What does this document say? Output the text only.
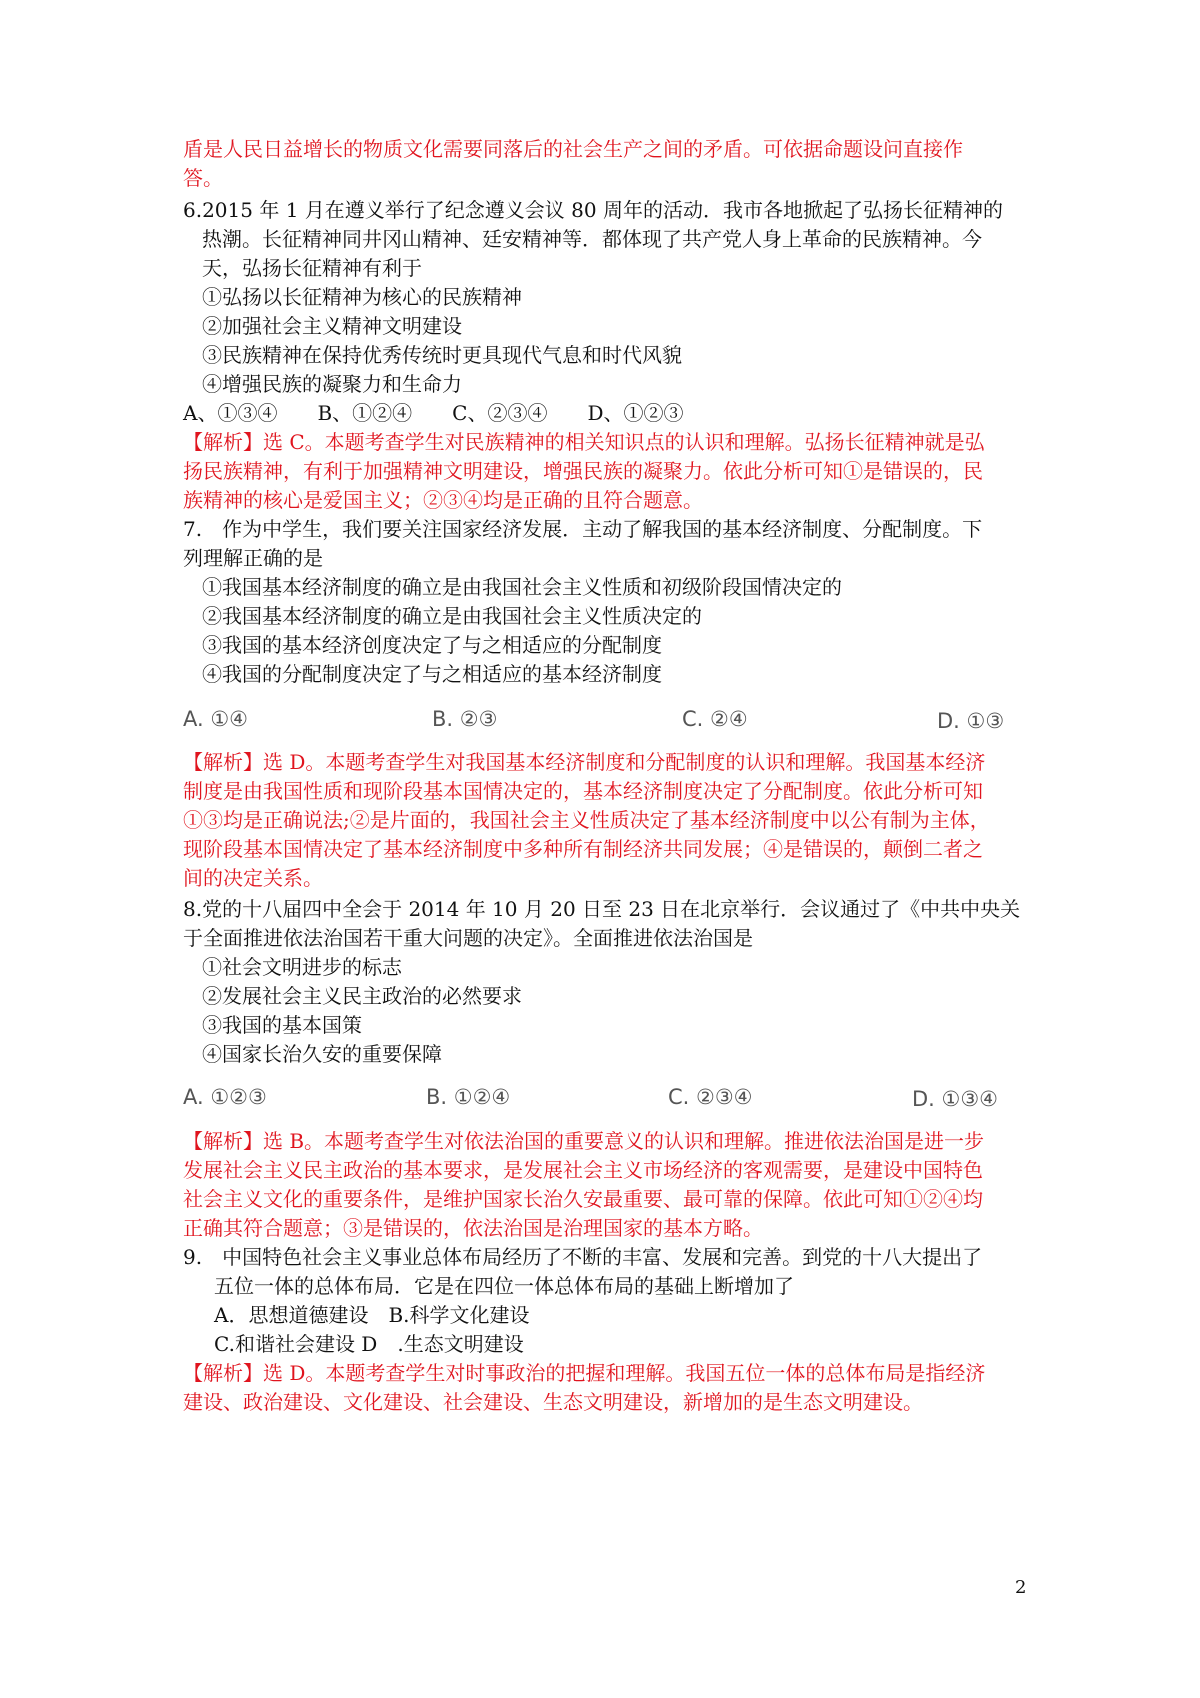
盾是人民日益增长的物质文化需要同落后的社会生产之间的矛盾。可依据命题设问直接作
答。
6.2015 年 1 月在遵义举行了纪念遵义会议 80 周年的活动．我市各地掀起了弘扬长征精神的
热潮。长征精神同井冈山精神、廷安精神等．都体现了共产党人身上革命的民族精神。今
天，弘扬长征精神有利于
①弘扬以长征精神为核心的民族精神
②加强社会主义精神文明建设
③民族精神在保持优秀传统时更具现代气息和时代风貌
④增强民族的凝聚力和生命力
A、①③④　　B、①②④　　C、②③④　　D、①②③
【解析】选 C。本题考查学生对民族精神的相关知识点的认识和理解。弘扬长征精神就是弘
扬民族精神，有利于加强精神文明建设，增强民族的凝聚力。依此分析可知①是错误的，民
族精神的核心是爱国主义；②③④均是正确的且符合题意。
7.　作为中学生，我们要关注国家经济发展．主动了解我国的基本经济制度、分配制度。下
列理解正确的是
①我国基本经济制度的确立是由我国社会主义性质和初级阶段国情决定的
②我国基本经济制度的确立是由我国社会主义性质决定的
③我国的基本经济创度决定了与之相适应的分配制度
④我国的分配制度决定了与之相适应的基本经济制度
A. ①④	B. ②③	C. ②④	D. ①③
【解析】选 D。本题考查学生对我国基本经济制度和分配制度的认识和理解。我国基本经济
制度是由我国性质和现阶段基本国情决定的，基本经济制度决定了分配制度。依此分析可知
①③均是正确说法;②是片面的，我国社会主义性质决定了基本经济制度中以公有制为主体，
现阶段基本国情决定了基本经济制度中多种所有制经济共同发展；④是错误的，颠倒二者之
间的决定关系。
8.党的十八届四中全会于 2014 年 10 月 20 日至 23 日在北京举行．会议通过了《中共中央关
于全面推进依法治国若干重大问题的决定》。全面推进依法治国是
①社会文明进步的标志
②发展社会主义民主政治的必然要求
③我国的基本国策
④国家长治久安的重要保障
A. ①②③	B. ①②④	C. ②③④	D. ①③④
【解析】选 B。本题考查学生对依法治国的重要意义的认识和理解。推进依法治国是进一步
发展社会主义民主政治的基本要求，是发展社会主义市场经济的客观需要，是建设中国特色
社会主义文化的重要条件，是维护国家长治久安最重要、最可靠的保障。依此可知①②④均
正确其符合题意；③是错误的，依法治国是治理国家的基本方略。
9.　中国特色社会主义事业总体布局经历了不断的丰富、发展和完善。到党的十八大提出了
五位一体的总体布局．它是在四位一体总体布局的基础上断增加了
A．思想道德建设　B.科学文化建设
C.和谐社会建设 D　.生态文明建设
【解析】选 D。本题考查学生对时事政治的把握和理解。我国五位一体的总体布局是指经济
建设、政治建设、文化建设、社会建设、生态文明建设，新增加的是生态文明建设。
2
